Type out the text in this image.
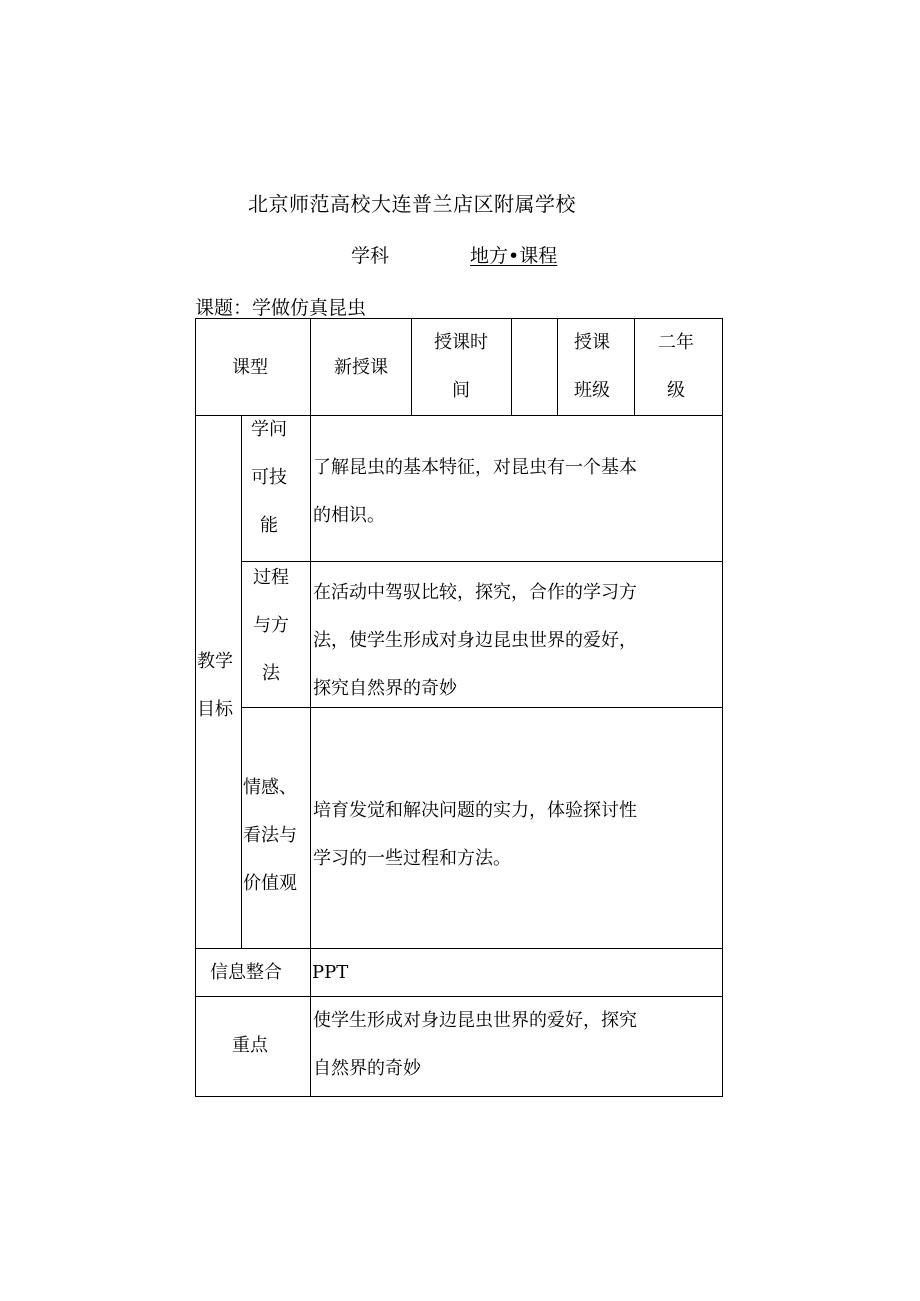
北京师范高校大连普兰店区附属学校
学科	地方•课程
课题：学做仿真昆虫
课型	新授课
授课时
间
授课
班级
二年
级
教学
目标
学问
可技
能
了解昆虫的基本特征，对昆虫有一个基本
的相识。
过程
与方
法
在活动中驾驭比较，探究，合作的学习方
法，使学生形成对身边昆虫世界的爱好，
探究自然界的奇妙
情感、
看法与
价值观
培育发觉和解决问题的实力，体验探讨性
学习的一些过程和方法。
信息整合 PPT
重点
使学生形成对身边昆虫世界的爱好，探究
自然界的奇妙
